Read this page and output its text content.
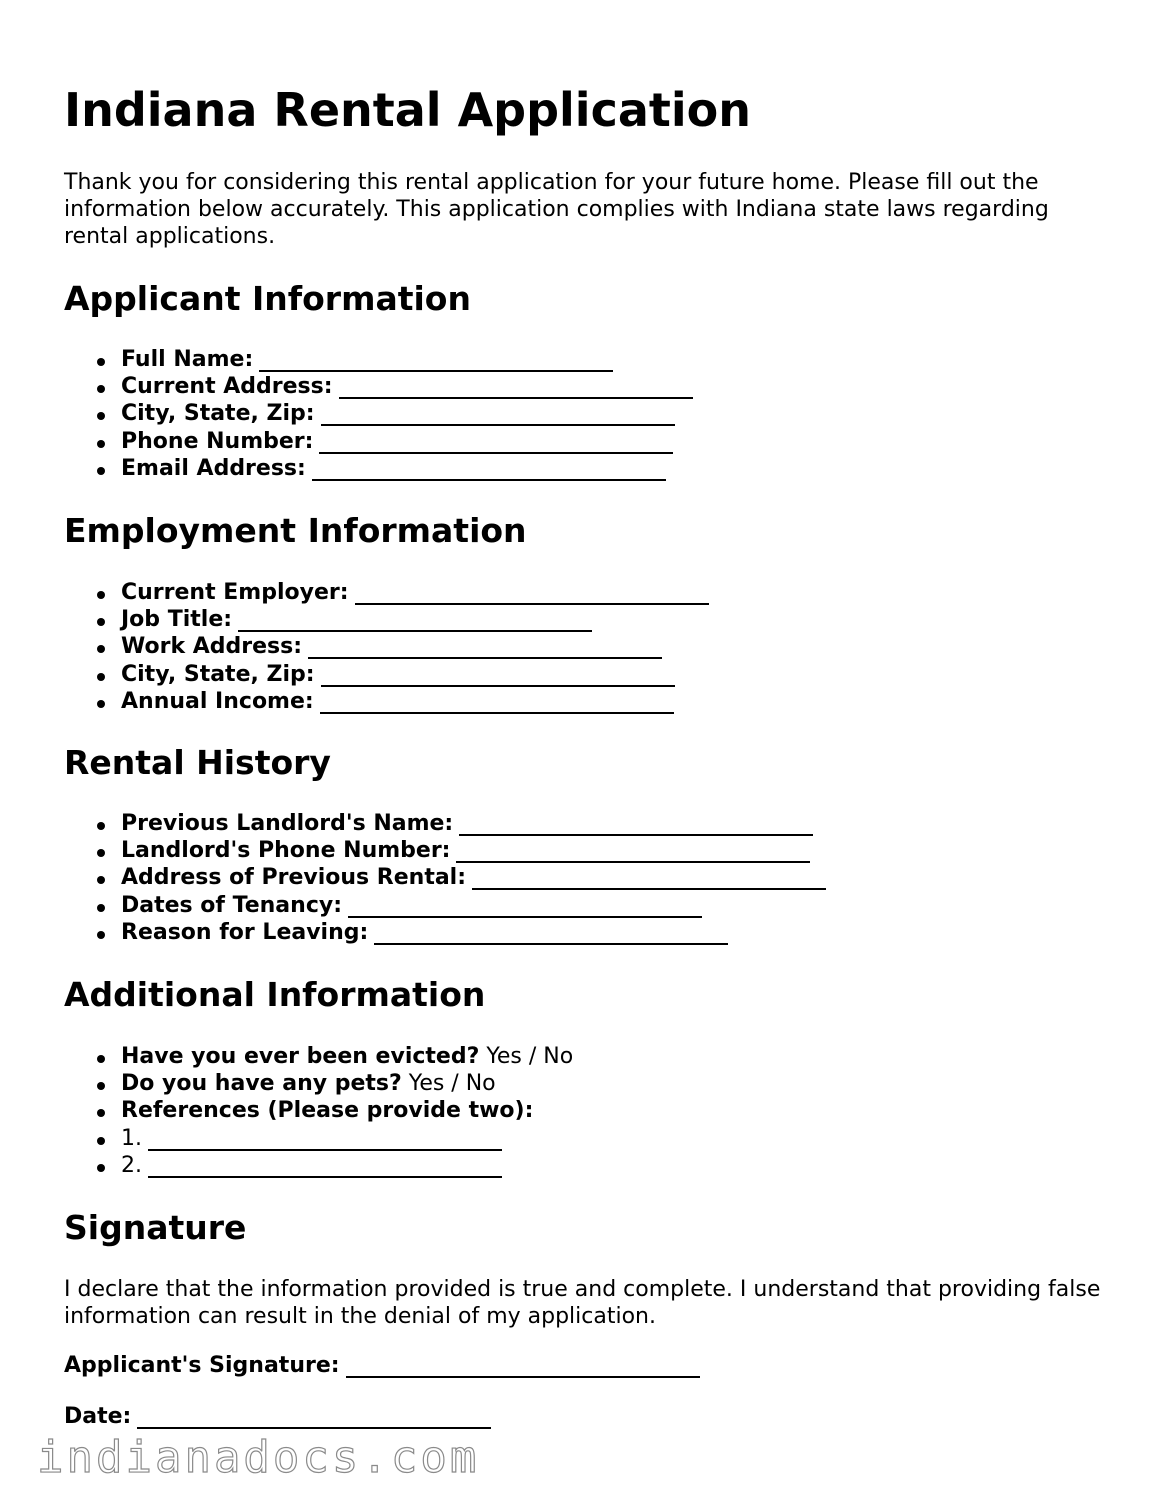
Indiana Rental Application

Thank you for considering this rental application for your future home. Please fill out the information below accurately. This application complies with Indiana state laws regarding rental applications.

Applicant Information
Full Name:
Current Address:
City, State, Zip:
Phone Number:
Email Address:
Employment Information
Current Employer:
Job Title:
Work Address:
City, State, Zip:
Annual Income:
Rental History
Previous Landlord's Name:
Landlord's Phone Number:
Address of Previous Rental:
Dates of Tenancy:
Reason for Leaving:
Additional Information
Have you ever been evicted? Yes / No
Do you have any pets? Yes / No
References (Please provide two):
1.
2.
Signature

I declare that the information provided is true and complete. I understand that providing false information can result in the denial of my application.

Applicant's Signature:
Date:
indianadocs.com
